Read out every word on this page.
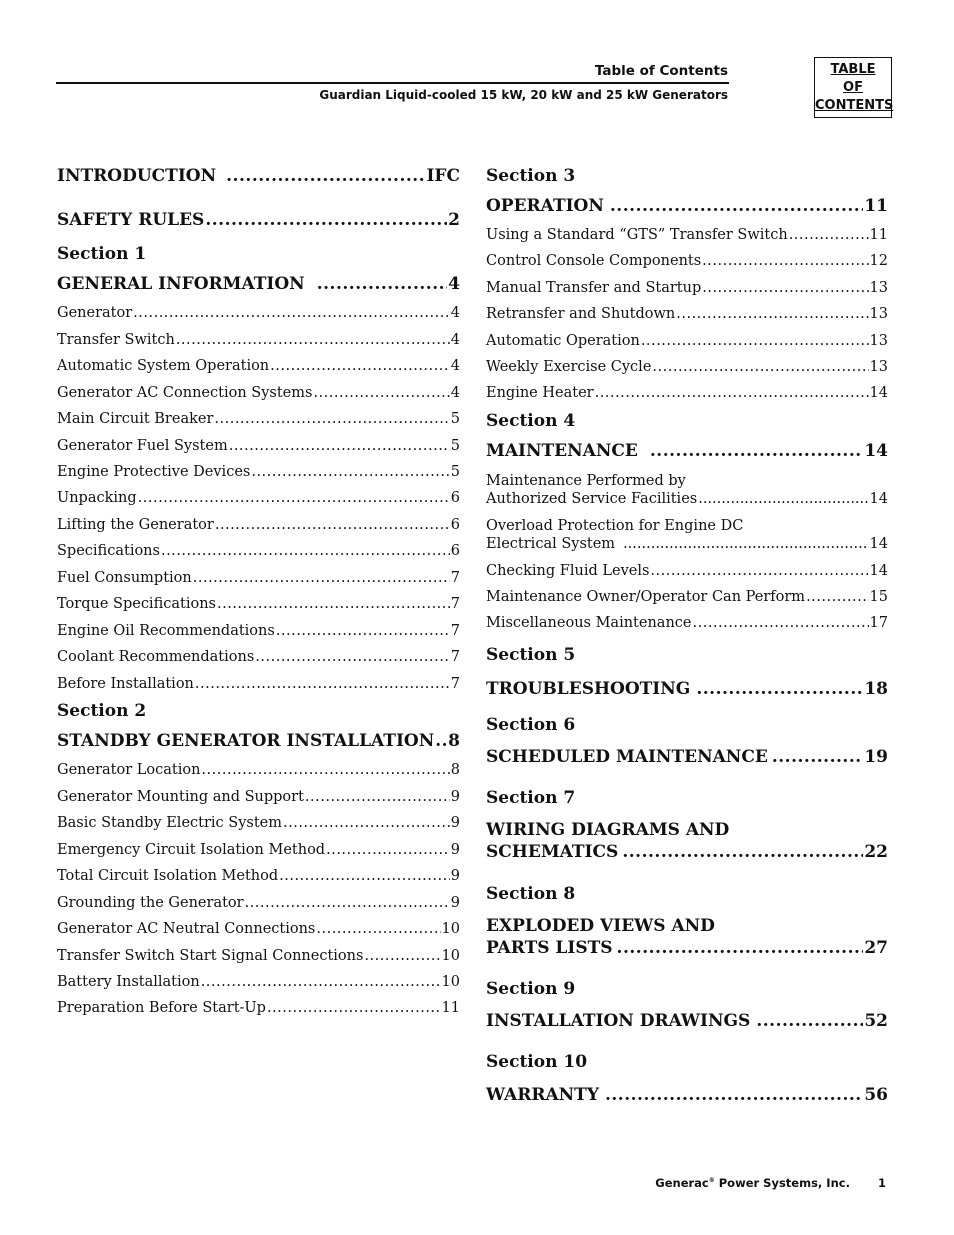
Table of Contents
Guardian Liquid-cooled 15 kW, 20 kW and 25 kW Generators
TABLE
OF
CONTENTS
INTRODUCTION .....	IFC
SAFETY RULES .....	2
Section 1
GENERAL INFORMATION .....	4
Generator .....	4
Transfer Switch .....	4
Automatic System Operation .....	4
Generator AC Connection Systems .....	4
Main Circuit Breaker .....	5
Generator Fuel System .....	5
Engine Protective Devices .....	5
Unpacking .....	6
Lifting the Generator .....	6
Specifications .....	6
Fuel Consumption .....	7
Torque Specifications .....	7
Engine Oil Recommendations .....	7
Coolant Recommendations .....	7
Before Installation .....	7
Section 2
STANDBY GENERATOR INSTALLATION ..... 8
Generator Location .....	8
Generator Mounting and Support .....	9
Basic Standby Electric System .....	9
Emergency Circuit Isolation Method .....	9
Total Circuit Isolation Method .....	9
Grounding the Generator .....	9
Generator AC Neutral Connections .....	10
Transfer Switch Start Signal Connections .....	10
Battery Installation .....	10
Preparation Before Start-Up .....	11
Section 3
OPERATION .....	11
Using a Standard “GTS” Transfer Switch .....	11
Control Console Components .....	12
Manual Transfer and Startup .....	13
Retransfer and Shutdown .....	13
Automatic Operation .....	13
Weekly Exercise Cycle .....	13
Engine Heater .....	14
Section 4
MAINTENANCE .....	14
Maintenance Performed by
Authorized Service Facilities .....	14
Overload Protection for Engine DC
Electrical System .....	14
Checking Fluid Levels .....	14
Maintenance Owner/Operator Can Perform .....	15
Miscellaneous Maintenance .....	17
Section 5
TROUBLESHOOTING .....	18
Section 6
SCHEDULED MAINTENANCE .....	19
Section 7
WIRING DIAGRAMS AND
SCHEMATICS .....	22
Section 8
EXPLODED VIEWS AND
PARTS LISTS .....	27
Section 9
INSTALLATION DRAWINGS .....	52
Section 10
WARRANTY .....	56
Generac® Power Systems, Inc. 1
